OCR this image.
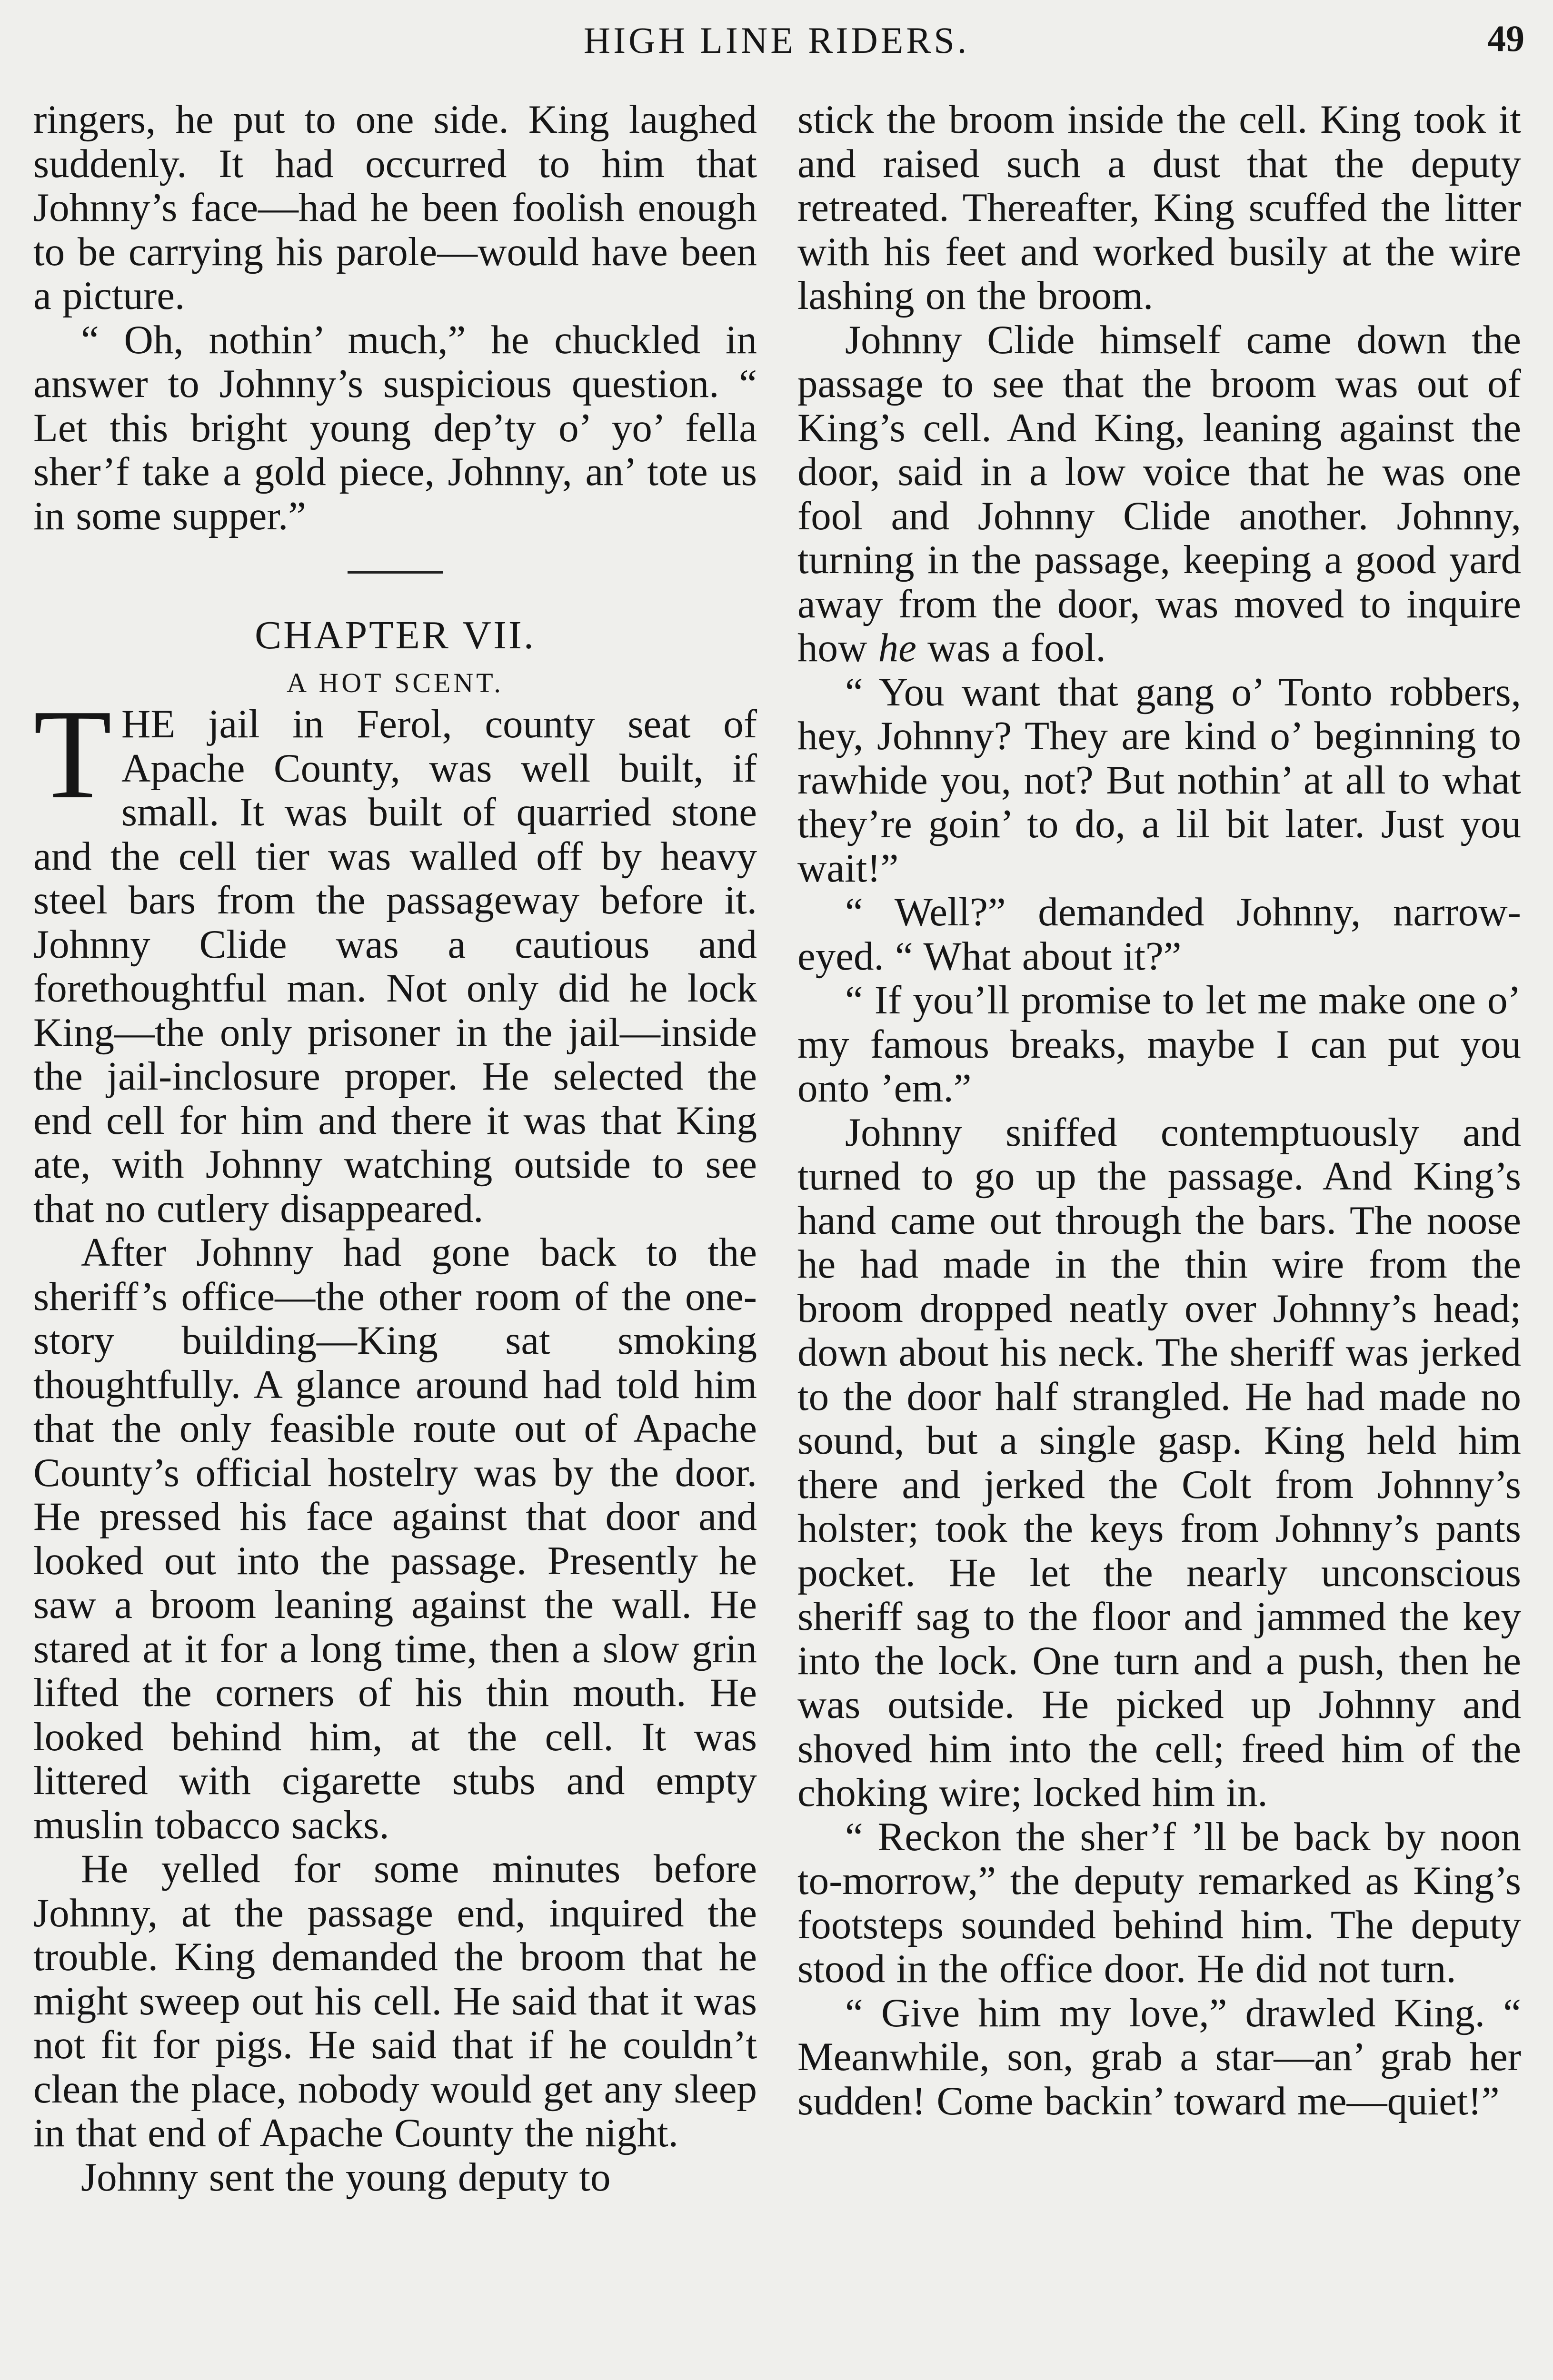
HIGH LINE RIDERS.	49

ringers, he put to one side. King laughed suddenly. It had occurred to him that Johnny’s face—had he been foolish enough to be carrying his parole—would have been a picture.

“ Oh, nothin’ much,” he chuckled in answer to Johnny’s suspicious question. “ Let this bright young dep’ty o’ yo’ fella sher’f take a gold piece, Johnny, an’ tote us in some supper.”

CHAPTER VII.

A HOT SCENT.

THE jail in Ferol, county seat of Apache County, was well built, if small. It was built of quarried stone and the cell tier was walled off by heavy steel bars from the passageway before it. Johnny Clide was a cautious and forethoughtful man. Not only did he lock King—the only prisoner in the jail—inside the jail-inclosure proper. He selected the end cell for him and there it was that King ate, with Johnny watching outside to see that no cutlery disappeared.

After Johnny had gone back to the sheriff’s office—the other room of the one-story building—King sat smoking thoughtfully. A glance around had told him that the only feasible route out of Apache County’s official hostelry was by the door. He pressed his face against that door and looked out into the passage. Presently he saw a broom leaning against the wall. He stared at it for a long time, then a slow grin lifted the corners of his thin mouth. He looked behind him, at the cell. It was littered with cigarette stubs and empty muslin tobacco sacks.

He yelled for some minutes before Johnny, at the passage end, inquired the trouble. King demanded the broom that he might sweep out his cell. He said that it was not fit for pigs. He said that if he couldn’t clean the place, nobody would get any sleep in that end of Apache County the night.

Johnny sent the young deputy to

stick the broom inside the cell. King took it and raised such a dust that the deputy retreated. Thereafter, King scuffed the litter with his feet and worked busily at the wire lashing on the broom.

Johnny Clide himself came down the passage to see that the broom was out of King’s cell. And King, leaning against the door, said in a low voice that he was one fool and Johnny Clide another. Johnny, turning in the passage, keeping a good yard away from the door, was moved to inquire how he was a fool.

“ You want that gang o’ Tonto robbers, hey, Johnny? They are kind o’ beginning to rawhide you, not? But nothin’ at all to what they’re goin’ to do, a lil bit later. Just you wait!”

“ Well?” demanded Johnny, narrow-eyed. “ What about it?”

“ If you’ll promise to let me make one o’ my famous breaks, maybe I can put you onto ’em.”

Johnny sniffed contemptuously and turned to go up the passage. And King’s hand came out through the bars. The noose he had made in the thin wire from the broom dropped neatly over Johnny’s head; down about his neck. The sheriff was jerked to the door half strangled. He had made no sound, but a single gasp. King held him there and jerked the Colt from Johnny’s holster; took the keys from Johnny’s pants pocket. He let the nearly unconscious sheriff sag to the floor and jammed the key into the lock. One turn and a push, then he was outside. He picked up Johnny and shoved him into the cell; freed him of the choking wire; locked him in.

“ Reckon the sher’f ’ll be back by noon to-morrow,” the deputy remarked as King’s footsteps sounded behind him. The deputy stood in the office door. He did not turn.

“ Give him my love,” drawled King. “ Meanwhile, son, grab a star—an’ grab her sudden! Come backin’ toward me—quiet!”
